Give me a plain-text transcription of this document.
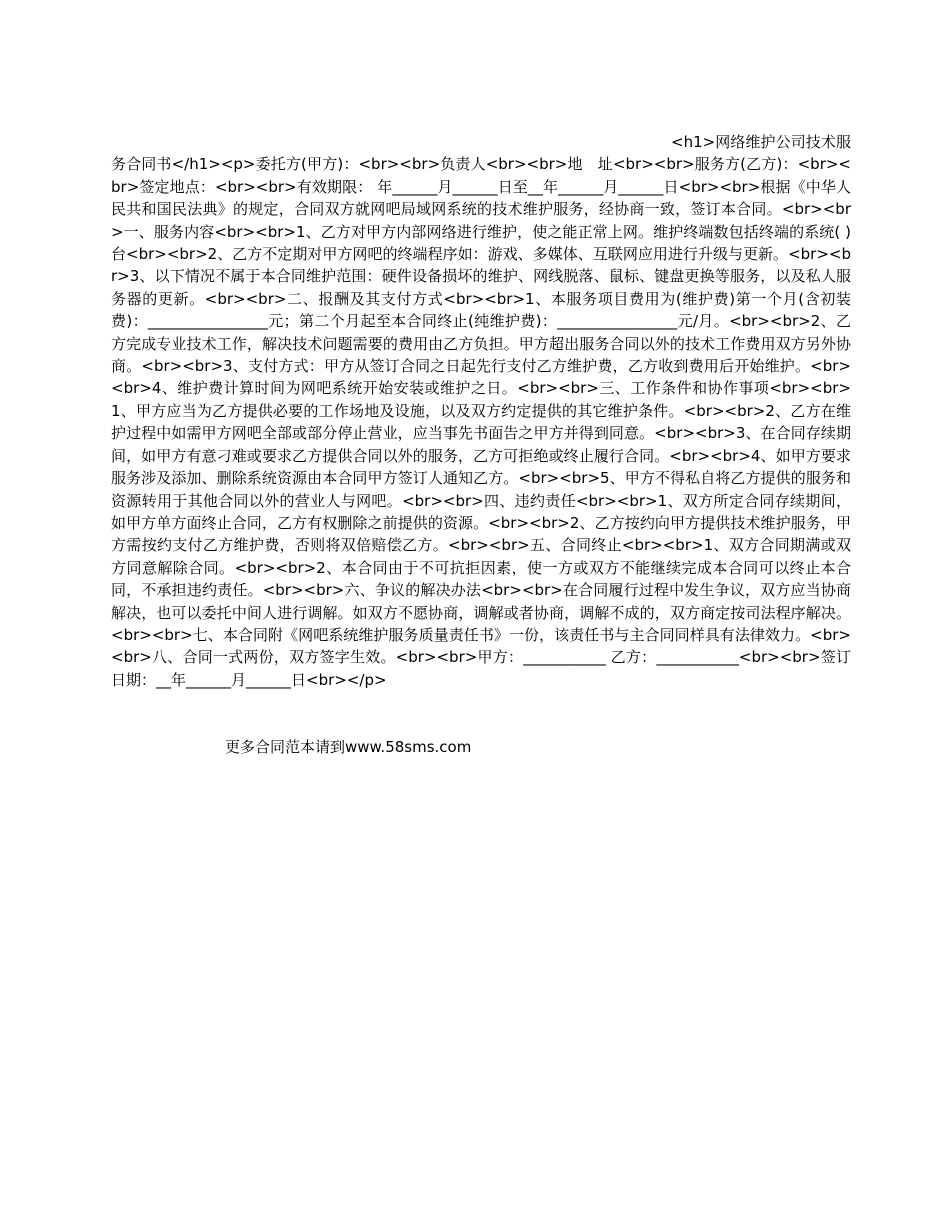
<h1>网络维护公司技术服务合同书</h1><p>委托方(甲方)：<br><br>负责人<br><br>地　址<br><br>服务方(乙方)：<br><br>签定地点：<br><br>有效期限： 年______月______日至__年______月______日<br><br>根据《中华人民共和国民法典》的规定，合同双方就网吧局域网系统的技术维护服务，经协商一致，签订本合同。<br><br>一、服务内容<br><br>1、乙方对甲方内部网络进行维护，使之能正常上网。维护终端数包括终端的系统( )台<br><br>2、乙方不定期对甲方网吧的终端程序如：游戏、多媒体、互联网应用进行升级与更新。<br><br>3、以下情况不属于本合同维护范围：硬件设备损坏的维护、网线脱落、鼠标、键盘更换等服务，以及私人服务器的更新。<br><br>二、报酬及其支付方式<br><br>1、本服务项目费用为(维护费)第一个月(含初装费)：________________元；第二个月起至本合同终止(纯维护费)：________________元/月。<br><br>2、乙方完成专业技术工作，解决技术问题需要的费用由乙方负担。甲方超出服务合同以外的技术工作费用双方另外协商。<br><br>3、支付方式：甲方从签订合同之日起先行支付乙方维护费，乙方收到费用后开始维护。<br><br>4、维护费计算时间为网吧系统开始安装或维护之日。<br><br>三、工作条件和协作事项<br><br>1、甲方应当为乙方提供必要的工作场地及设施，以及双方约定提供的其它维护条件。<br><br>2、乙方在维护过程中如需甲方网吧全部或部分停止营业，应当事先书面告之甲方并得到同意。<br><br>3、在合同存续期间，如甲方有意刁难或要求乙方提供合同以外的服务，乙方可拒绝或终止履行合同。<br><br>4、如甲方要求服务涉及添加、删除系统资源由本合同甲方签订人通知乙方。<br><br>5、甲方不得私自将乙方提供的服务和资源转用于其他合同以外的营业人与网吧。<br><br>四、违约责任<br><br>1、双方所定合同存续期间，如甲方单方面终止合同，乙方有权删除之前提供的资源。<br><br>2、乙方按约向甲方提供技术维护服务，甲方需按约支付乙方维护费，否则将双倍赔偿乙方。<br><br>五、合同终止<br><br>1、双方合同期满或双方同意解除合同。<br><br>2、本合同由于不可抗拒因素，使一方或双方不能继续完成本合同可以终止本合同，不承担违约责任。<br><br>六、争议的解决办法<br><br>在合同履行过程中发生争议，双方应当协商解决，也可以委托中间人进行调解。如双方不愿协商，调解或者协商，调解不成的，双方商定按司法程序解决。<br><br>七、本合同附《网吧系统维护服务质量责任书》一份，该责任书与主合同同样具有法律效力。<br><br>八、合同一式两份，双方签字生效。<br><br>甲方：___________ 乙方：___________<br><br>签订日期：__年______月______日<br></p>

更多合同范本请到www.58sms.com
